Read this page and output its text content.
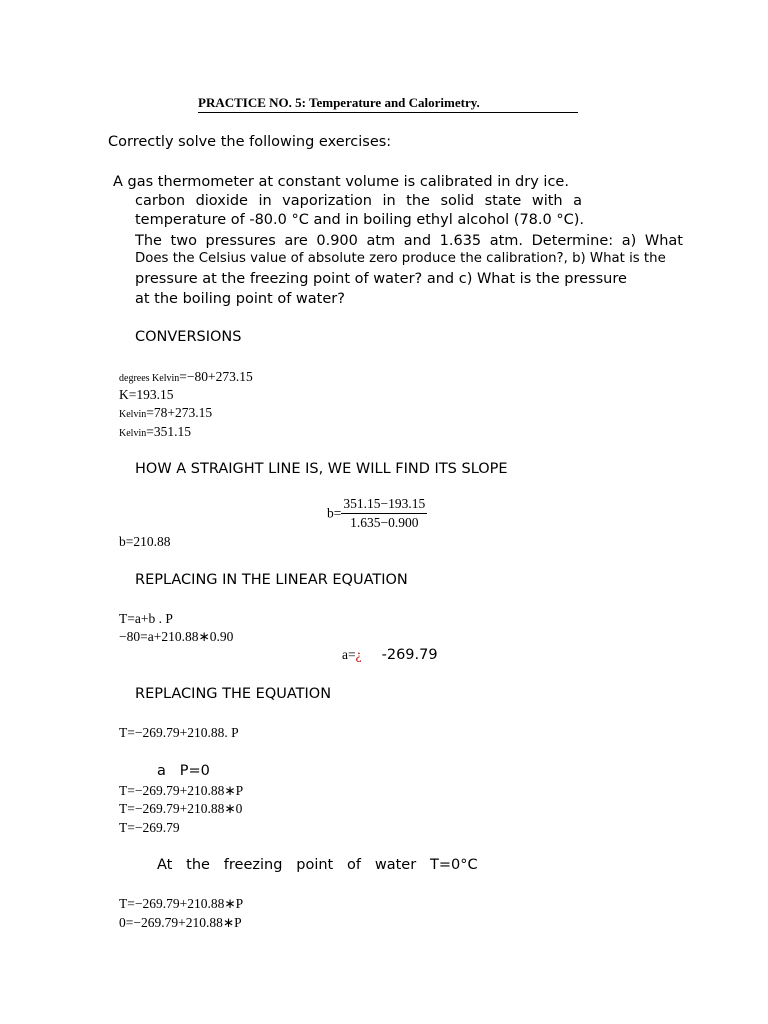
PRACTICE NO. 5: Temperature and Calorimetry.
Correctly solve the following exercises:
A gas thermometer at constant volume is calibrated in dry ice.
carbon dioxide in vaporization in the solid state with a
temperature of -80.0 °C and in boiling ethyl alcohol (78.0 °C).
The two pressures are 0.900 atm and 1.635 atm. Determine: a) What
Does the Celsius value of absolute zero produce the calibration?, b) What is the
pressure at the freezing point of water? and c) What is the pressure
at the boiling point of water?
CONVERSIONS
degrees Kelvin=−80+273.15
K=193.15
Kelvin=78+273.15
Kelvin=351.15
HOW A STRAIGHT LINE IS, WE WILL FIND ITS SLOPE
$b= \frac{351.15-193.15}{1.635-0.900}$
b=210.88
REPLACING IN THE LINEAR EQUATION
T=a+b . P
−80=a+210.88∗0.90
a=¿ -269.79
REPLACING THE EQUATION
T=−269.79+210.88. P
a   P=0
T=−269.79+210.88∗P
T=−269.79+210.88∗0
T=−269.79
At   the   freezing   point   of   water   T=0°C
T=−269.79+210.88∗P
0=−269.79+210.88∗P
